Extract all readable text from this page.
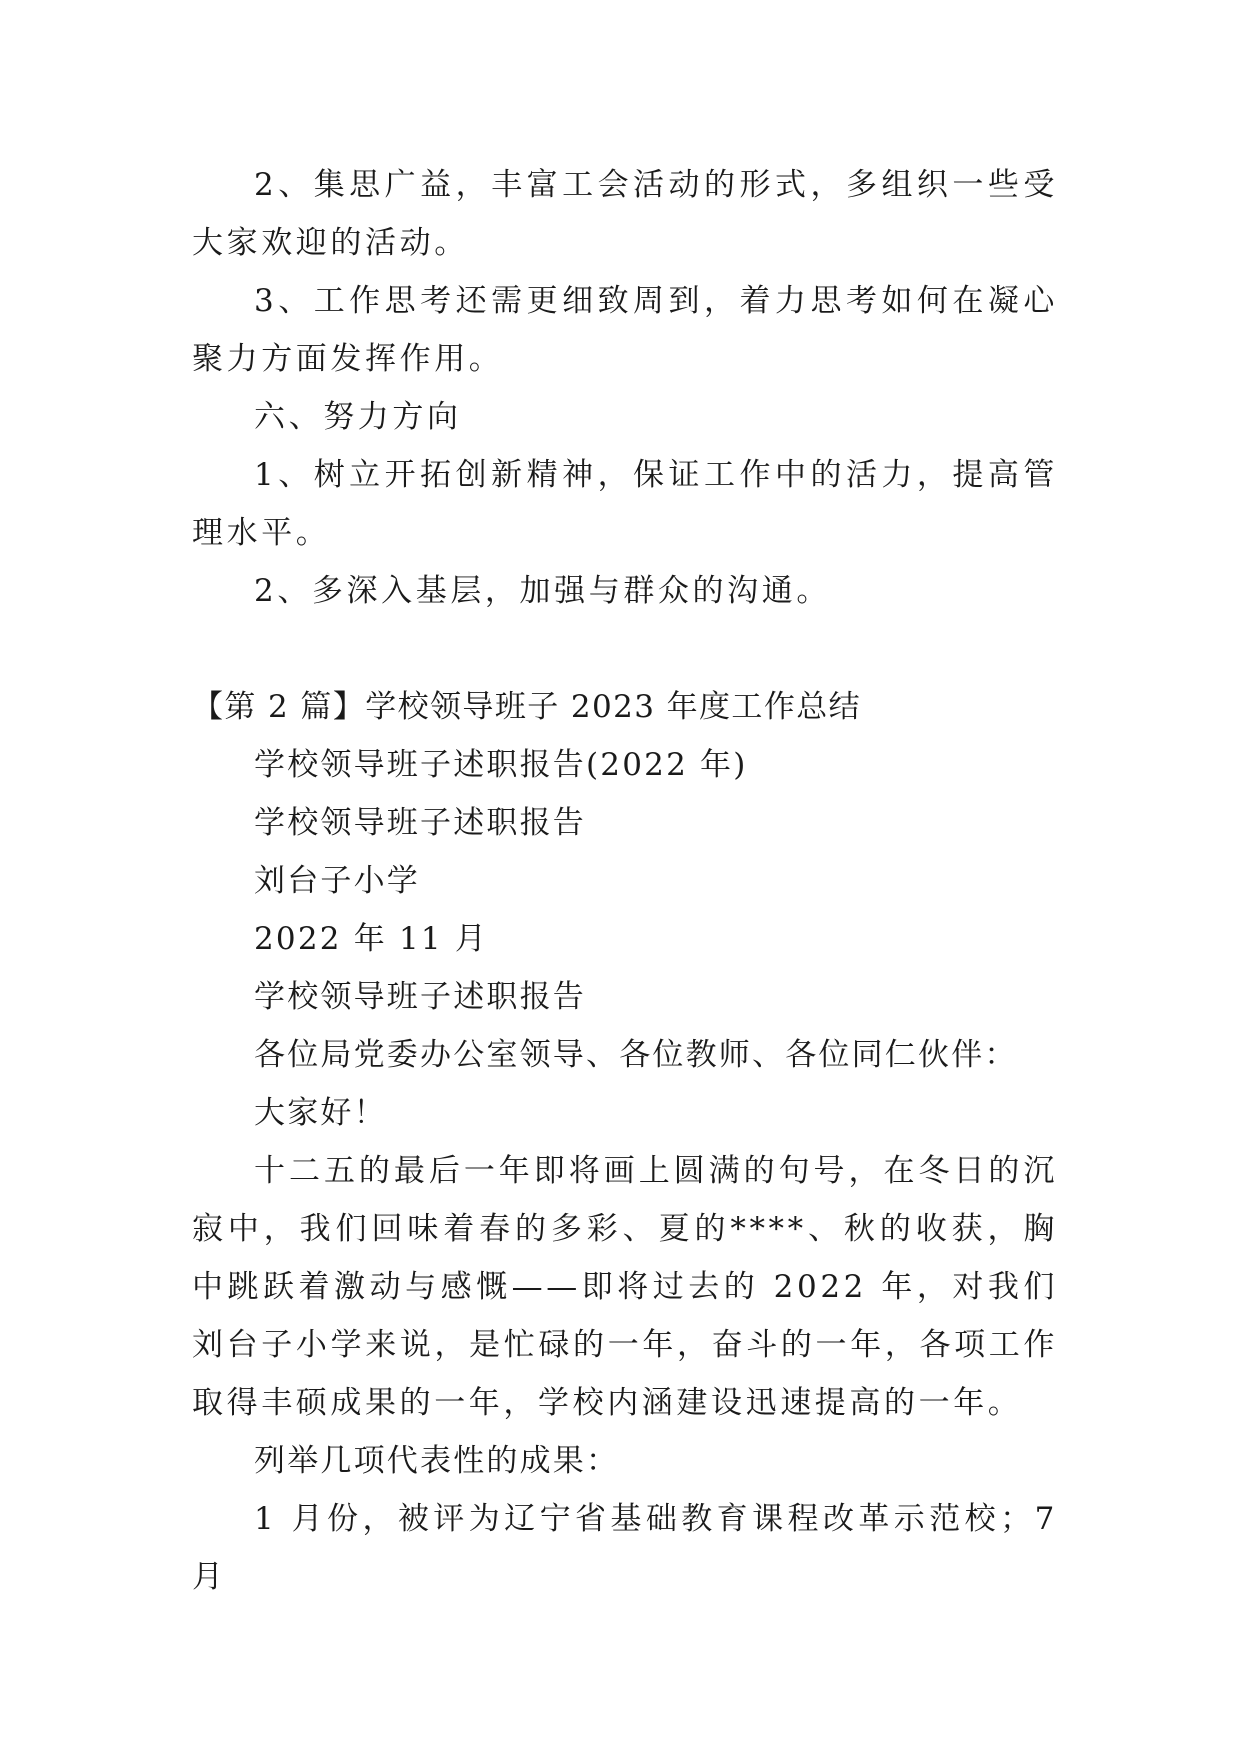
2、集思广益，丰富工会活动的形式，多组织一些受大家欢迎的活动。

3、工作思考还需更细致周到，着力思考如何在凝心聚力方面发挥作用。

六、努力方向

1、树立开拓创新精神，保证工作中的活力，提高管理水平。

2、多深入基层，加强与群众的沟通。

【第 2 篇】学校领导班子 2023 年度工作总结

学校领导班子述职报告(2022 年)

学校领导班子述职报告

刘台子小学

2022 年 11 月

学校领导班子述职报告

各位局党委办公室领导、各位教师、各位同仁伙伴：

大家好！

十二五的最后一年即将画上圆满的句号，在冬日的沉寂中，我们回味着春的多彩、夏的****、秋的收获，胸中跳跃着激动与感慨——即将过去的 2022 年，对我们刘台子小学来说，是忙碌的一年，奋斗的一年，各项工作取得丰硕成果的一年，学校内涵建设迅速提高的一年。

列举几项代表性的成果：

1 月份，被评为辽宁省基础教育课程改革示范校；7 月
